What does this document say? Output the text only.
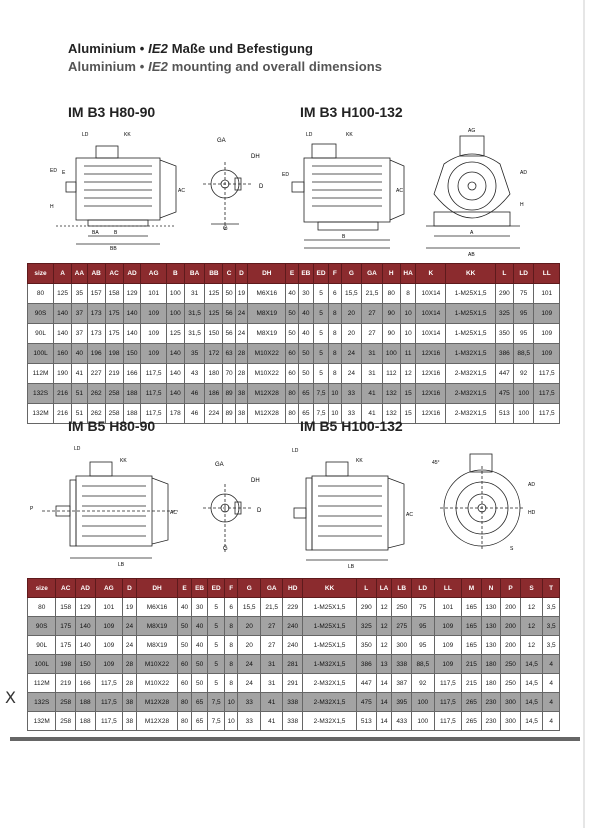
Aluminium • IE2 Maße und Befestigung
Aluminium • IE2 mounting and overall dimensions
IM B3 H80-90	IM B3 H100-132
LD	KK
ED E
H
AC
BA	B
BB
GA
DH
D
G
LD	KK
ED
AC
B
AG
AD
H
A
AB
size	A	AA	AB	AC	AD	AG	B	BA	BB	C	D	DH	E	EB	ED	F	G	GA	H	HA	K	KK	L	LD	LL
80	125	35	157	158	129	101	100	31	125	50	19	M6X16	40	30	5	6	15,5	21,5	80	8	10X14	1-M25X1,5	290	75	101
90S	140	37	173	175	140	109	100	31,5	125	56	24	M8X19	50	40	5	8	20	27	90	10	10X14	1-M25X1,5	325	95	109
90L	140	37	173	175	140	109	125	31,5	150	56	24	M8X19	50	40	5	8	20	27	90	10	10X14	1-M25X1,5	350	95	109
100L	160	40	196	198	150	109	140	35	172	63	28	M10X22	60	50	5	8	24	31	100	11	12X16	1-M32X1,5	386	88,5	109
112M	190	41	227	219	166	117,5	140	43	180	70	28	M10X22	60	50	5	8	24	31	112	12	12X16	2-M32X1,5	447	92	117,5
132S	216	51	262	258	188	117,5	140	46	186	89	38	M12X28	80	65	7,5	10	33	41	132	15	12X16	2-M32X1,5	475	100	117,5
132M	216	51	262	258	188	117,5	178	46	224	89	38	M12X28	80	65	7,5	10	33	41	132	15	12X16	2-M32X1,5	513	100	117,5
IM B5 H80-90	IM B5 H100-132
LD
KK
P
AC
LB
GA
DH
D
G
LD
KK
AC
LB
45°
AD
HD
S
size	AC	AD	AG	D	DH	E	EB	ED	F	G	GA	HD	KK	L	LA	LB	LD	LL	M	N	P	S	T
80	158	129	101	19	M6X16	40	30	5	6	15,5	21,5	229	1-M25X1,5	290	12	250	75	101	165	130	200	12	3,5
90S	175	140	109	24	M8X19	50	40	5	8	20	27	240	1-M25X1,5	325	12	275	95	109	165	130	200	12	3,5
90L	175	140	109	24	M8X19	50	40	5	8	20	27	240	1-M25X1,5	350	12	300	95	109	165	130	200	12	3,5
100L	198	150	109	28	M10X22	60	50	5	8	24	31	281	1-M32X1,5	386	13	338	88,5	109	215	180	250	14,5	4
112M	219	166	117,5	28	M10X22	60	50	5	8	24	31	291	2-M32X1,5	447	14	387	92	117,5	215	180	250	14,5	4
132S	258	188	117,5	38	M12X28	80	65	7,5	10	33	41	338	2-M32X1,5	475	14	395	100	117,5	265	230	300	14,5	4
132M	258	188	117,5	38	M12X28	80	65	7,5	10	33	41	338	2-M32X1,5	513	14	433	100	117,5	265	230	300	14,5	4
X
